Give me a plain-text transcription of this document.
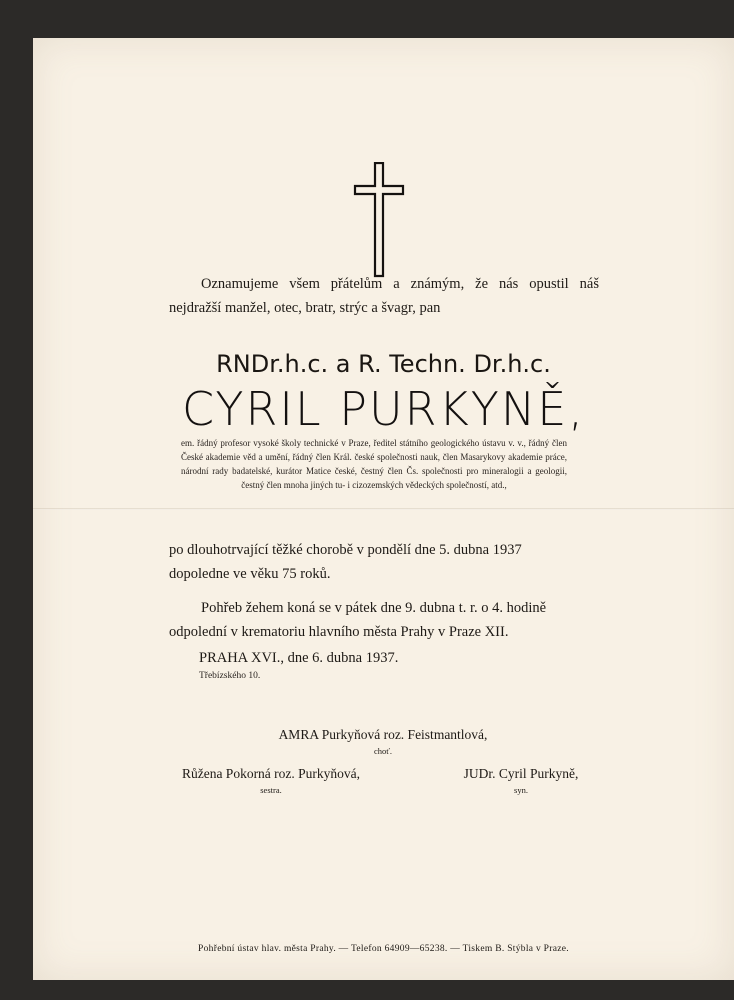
Oznamujeme všem přátelům a známým, že nás opustil náš

nejdražší manžel, otec, bratr, strýc a švagr, pan

RNDr.h.c. a R. Techn. Dr.h.c.
CYRIL PURKYNĚ,
em. řádný profesor vysoké školy technické v Praze, ředitel státního geologického ústavu v. v., řádný člen České akademie věd a umění, řádný člen Král. české společnosti nauk, člen Masarykovy akademie práce, národní rady badatelské, kurátor Matice české, čestný člen Čs. společnosti pro mineralogii a geologii, čestný člen mnoha jiných tu- i cizozemských vědeckých společností, atd.,

po dlouhotrvající těžké chorobě v pondělí dne 5. dubna 1937
dopoledne ve věku 75 roků.

Pohřeb žehem koná se v pátek dne 9. dubna t. r. o 4. hodině
odpolední v krematoriu hlavního města Prahy v Praze XII.

PRAHA XVI., dne 6. dubna 1937.
Třebízského 10.
AMRA Purkyňová roz. Feistmantlová,
choť.
Růžena Pokorná roz. Purkyňová,
sestra.
JUDr. Cyril Purkyně,
syn.
Pohřební ústav hlav. města Prahy. — Telefon 64909—65238. — Tiskem B. Stýbla v Praze.
